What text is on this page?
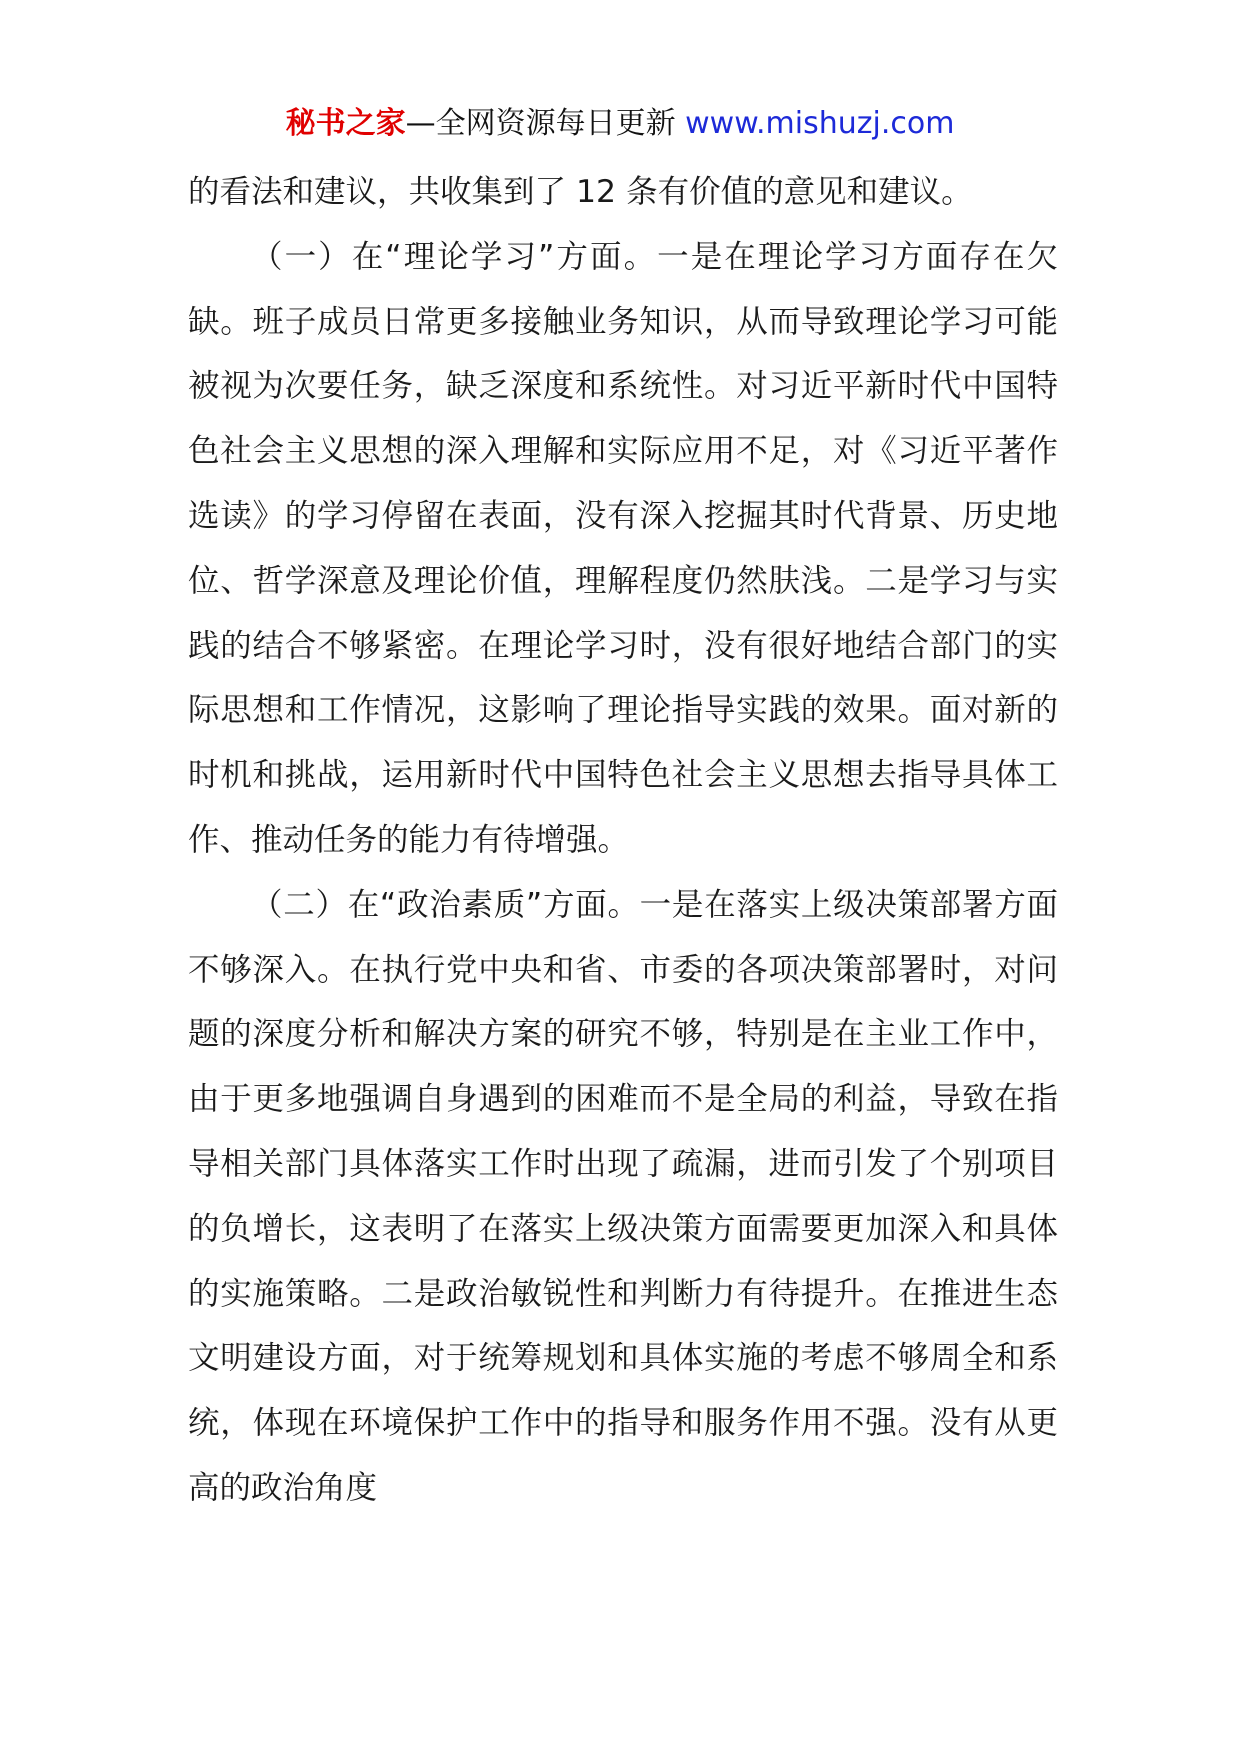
秘书之家—全网资源每日更新 www.mishuzj.com

的看法和建议，共收集到了 12 条有价值的意见和建议。

（一）在“理论学习”方面。一是在理论学习方面存在欠缺。班子成员日常更多接触业务知识，从而导致理论学习可能被视为次要任务，缺乏深度和系统性。对习近平新时代中国特色社会主义思想的深入理解和实际应用不足，对《习近平著作选读》的学习停留在表面，没有深入挖掘其时代背景、历史地位、哲学深意及理论价值，理解程度仍然肤浅。二是学习与实践的结合不够紧密。在理论学习时，没有很好地结合部门的实际思想和工作情况，这影响了理论指导实践的效果。面对新的时机和挑战，运用新时代中国特色社会主义思想去指导具体工作、推动任务的能力有待增强。

（二）在“政治素质”方面。一是在落实上级决策部署方面不够深入。在执行党中央和省、市委的各项决策部署时，对问题的深度分析和解决方案的研究不够，特别是在主业工作中，由于更多地强调自身遇到的困难而不是全局的利益，导致在指导相关部门具体落实工作时出现了疏漏，进而引发了个别项目的负增长，这表明了在落实上级决策方面需要更加深入和具体的实施策略。二是政治敏锐性和判断力有待提升。在推进生态文明建设方面，对于统筹规划和具体实施的考虑不够周全和系统，体现在环境保护工作中的指导和服务作用不强。没有从更高的政治角度
